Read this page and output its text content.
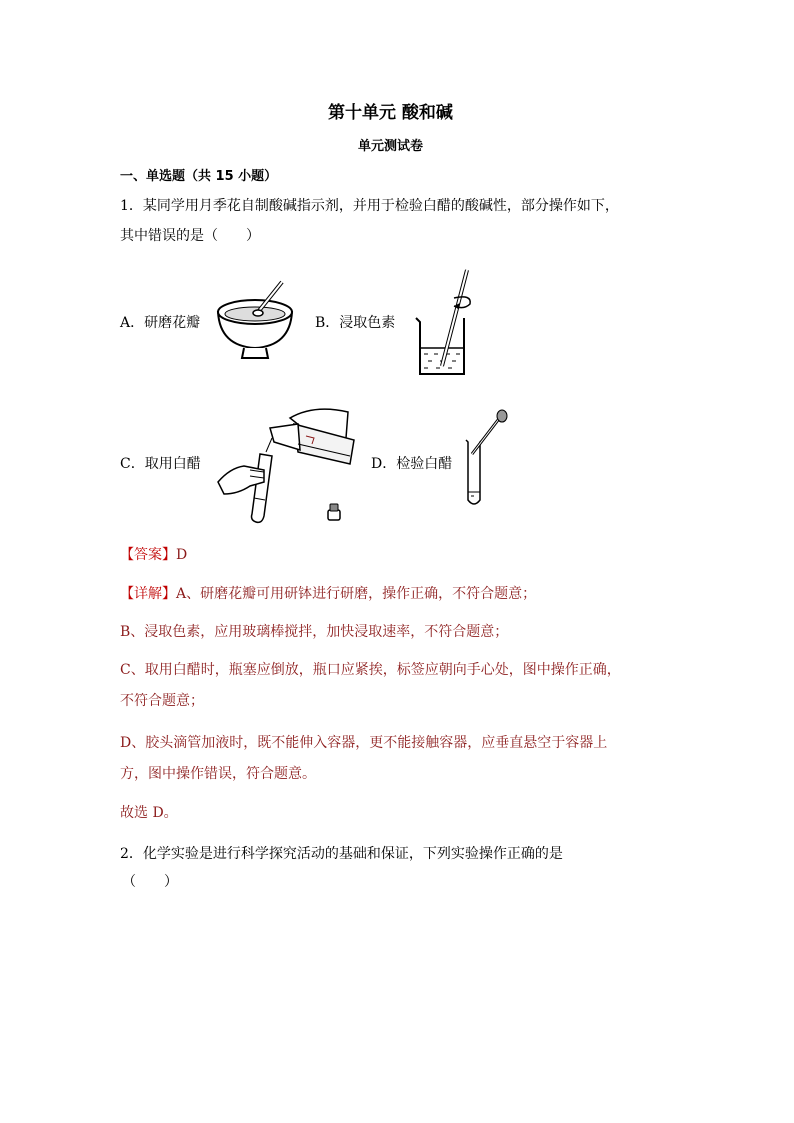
第十单元 酸和碱
单元测试卷
一、单选题（共 15 小题）
1．某同学用月季花自制酸碱指示剂，并用于检验白醋的酸碱性，部分操作如下，
其中错误的是（　　）
A．研磨花瓣	B．浸取色素
C．取用白醋	D．检验白醋
【答案】D
【详解】A、研磨花瓣可用研钵进行研磨，操作正确，不符合题意；
B、浸取色素，应用玻璃棒搅拌，加快浸取速率，不符合题意；
C、取用白醋时，瓶塞应倒放，瓶口应紧挨，标签应朝向手心处，图中操作正确，
不符合题意；
D、胶头滴管加液时，既不能伸入容器，更不能接触容器，应垂直悬空于容器上
方，图中操作错误，符合题意。
故选 D。
2．化学实验是进行科学探究活动的基础和保证，下列实验操作正确的是
（　　）
